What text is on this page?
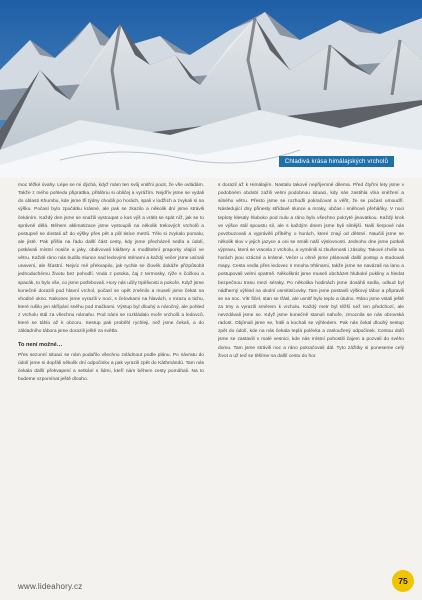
Chladivá krása himálajských vrcholů

moc těžké úvahy. Lépe se mi dýchá, když mám ten svůj vnitřní pocit, že vše ovládám. Takže z mého pohledu připrattka, přitáhnu si obličej a vyrážím. Nejdřív jsme se vydali do oblasti Khumbu, kde jsme tři týdny chodili po horách, spali v lodžích a zvykali si na výšku. Počasí bylo zpočátku krásné, ale pak se zkazilo a několik dní jsme strávili čekáním. Každý den jsme se snažili vystoupat o kus výš a vrátit se spát níž, jak se to správně dělá. Během aklimatizace jsme vystoupili na několik trekových vrcholů a postupně se dostali až do výšky přes pět a půl tisíce metrů. Tělo si zvykalo pomalu, ale jistě. Pak přišla na řadu další část cesty, kdy jsme přecházeli sedla a údolí, potkávali místní nosiče a jaky, obdivovali kláštery a modlitební praporky vlající ve větru. Každé ráno nás budilo slunce nad ledovými stěnami a každý večer jsme usínali unavení, ale šťastní. Nejvíc mě překvapilo, jak rychle se člověk dokáže přizpůsobit jednoduchému životu bez pohodlí. Voda z potoka, čaj z termosky, rýže s čočkou a spacák, to bylo vše, co jsme potřebovali. Hory nás učily trpělivosti a pokoře. Když jsme konečně dorazili pod hlavní vrchol, počasí se opět změnilo a museli jsme čekat na vhodné okno. Nakonec jsme vyrazili v noci, s čelovkami na hlavách, v mrazu a tichu, které rušilo jen skřípání sněhu pod mačkami. Výstup byl dlouhý a náročný, ale pohled z vrcholu stál za všechnu námahu. Pod námi se rozkládalo moře vrcholů a ledovců, které se táhlo až k obzoru. Sestup pak proběhl rychleji, než jsme čekali, a do základního tábora jsme dorazili ještě za světla.

To není možné…

Přes sezonní situaci se nám podařilo všechno zvládnout podle plánu. Po návratu do údolí jsme si dopřáli několik dní odpočinku a pak vyrazili zpět do Káthmándú. Tam nás čekala další překvapení a setkání s lidmi, kteří nám během cesty pomáhali. Na to budeme vzpomínat ještě dlouho.

s dorazil až k Himálajím. Nastalo takové nepříjemné dilema. Před čtyřmi lety jsme v podobném období zažili velmi podobnou situaci, kdy nás zastihla vlna sněžení a silného větru. Přesto jsme se rozhodli pokračovat a věřit, že se počasí umoudří. Následující dny přinesly střídavě slunce a mraky, občas i sněhové přeháňky. V noci teploty klesaly hluboko pod nulu a ráno bylo všechno pokryté jinovatkou. Každý krok ve výšce stál spoustu sil, ale s každým dnem jsme byli silnější. Naši šerpové nás povzbuzovali a vyprávěli příběhy o horách, které znají od dětství. Naučili jsme se několik slov v jejich jazyce a oni se smáli naší výslovnosti. Jednoho dne jsme potkali výpravu, která se vracela z vrcholu, a vyměnili si zkušenosti i zásoby. Takové chvíle na horách jsou vzácné a krásné. Večer u ohně jsme plánovali další postup a studovali mapy. Cesta vedla přes ledovec s mnoha trhlinami, takže jsme se navázali na lano a postupovali velmi opatrně. Několikrát jsme museli obcházet hluboké pukliny a hledat bezpečnou trasu mezi séraky. Po několika hodinách jsme dosáhli sedla, odkud byl nádherný výhled na okolní osmitisícovky. Tam jsme postavili výškový tábor a připravili se na noc. Vítr fičel, stan se třásl, ale uvnitř bylo teplo a útulno. Ráno jsme vstali ještě za tmy a vyrazili směrem k vrcholu. Každý metr byl těžší než ten předchozí, ale nevzdávali jsme se. Když jsme konečně stanuli nahoře, zmocnila se nás obrovská radost. Objímali jsme se, fotili a kochali se výhledem. Pak nás čekal dlouhý sestup zpět do údolí, kde na nás čekala teplá polévka a zasloužený odpočinek. Cestou dolů jsme se zastavili v malé vesnici, kde nás místní pohostili čajem a pozvali do svého domu. Tam jsme strávili noc a ráno pokračovali dál. Tyto zážitky si poneseme celý život a už teď se těšíme na další cestu do hor.

www.lideahory.cz
75
